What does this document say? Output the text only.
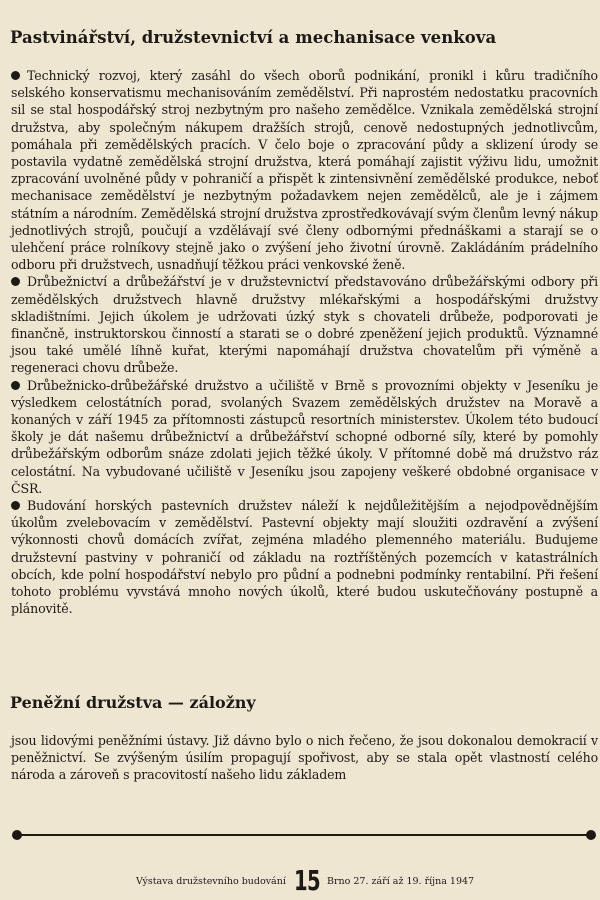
Pastvinářství, družstevnictví a mechanisace venkova

Technický rozvoj, který zasáhl do všech oborů podnikání, pronikl i kůru tradičního selského konservatismu mechanisováním zemědělství. Při naprostém nedostatku pracovních sil se stal hospodářský stroj nezbytným pro našeho zemědělce. Vznikala zemědělská strojní družstva, aby společným nákupem dražších strojů, cenově nedostupných jednotlivcům, pomáhala při zemědělských pracích. V čelo boje o zpracování půdy a sklizení úrody se postavila vydatně zemědělská strojní družstva, která pomáhají zajistit výživu lidu, umožnit zpracování uvolněné půdy v pohraničí a přispět k zintensivnění zemědělské produkce, neboť mechanisace zemědělství je nezbytným požadavkem nejen zemědělců, ale je i zájmem státním a národním. Zemědělská strojní družstva zprostředkovávají svým členům levný nákup jednotlivých strojů, poučují a vzdělávají své členy odbornými přednáškami a starají se o ulehčení práce rolníkovy stejně jako o zvýšení jeho životní úrovně. Zakládáním prádelního odboru při družstvech, usnadňují těžkou práci venkovské ženě.

Drůbežnictví a drůbežářství je v družstevnictví představováno drůbežářskými odbory při zemědělských družstvech hlavně družstvy mlékařskými a hospodářskými družstvy skladištními. Jejich úkolem je udržovati úzký styk s chovateli drůbeže, podporovati je finančně, instruktorskou činností a starati se o dobré zpeněžení jejich produktů. Významné jsou také umělé líhně kuřat, kterými napomáhají družstva chovatelům při výměně a regeneraci chovu drůbeže.

Drůbežnicko-drůbežářské družstvo a učiliště v Brně s provozními objekty v Jeseníku je výsledkem celostátních porad, svolaných Svazem zemědělských družstev na Moravě a konaných v září 1945 za přítomnosti zástupců resortních ministerstev. Úkolem této budoucí školy je dát našemu drůbežnictví a drůbežářství schopné odborné síly, které by pomohly drůbežářským odborům snáze zdolati jejich těžké úkoly. V přítomné době má družstvo ráz celostátní. Na vybudované učiliště v Jeseníku jsou zapojeny veškeré obdobné organisace v ČSR.

Budování horských pastevních družstev náleží k nejdůležitějším a nejodpovědnějším úkolům zvelebovacím v zemědělství. Pastevní objekty mají sloužiti ozdravění a zvýšení výkonnosti chovů domácích zvířat, zejména mladého plemenného materiálu. Budujeme družstevní pastviny v pohraničí od základu na roztříštěných pozemcích v katastrálních obcích, kde polní hospodářství nebylo pro půdní a podnebni podmínky rentabilní. Při řešení tohoto problému vyvstává mnoho nových úkolů, které budou uskutečňovány postupně a plánovitě.

Peněžní družstva — záložny

jsou lidovými peněžními ústavy. Již dávno bylo o nich řečeno, že jsou dokonalou demokracií v peněžnictví. Se zvýšeným úsilím propagují spořivost, aby se stala opět vlastností celého národa a zároveň s pracovitostí našeho lidu základem

Výstava družstevního budování 15 Brno 27. září až 19. října 1947
